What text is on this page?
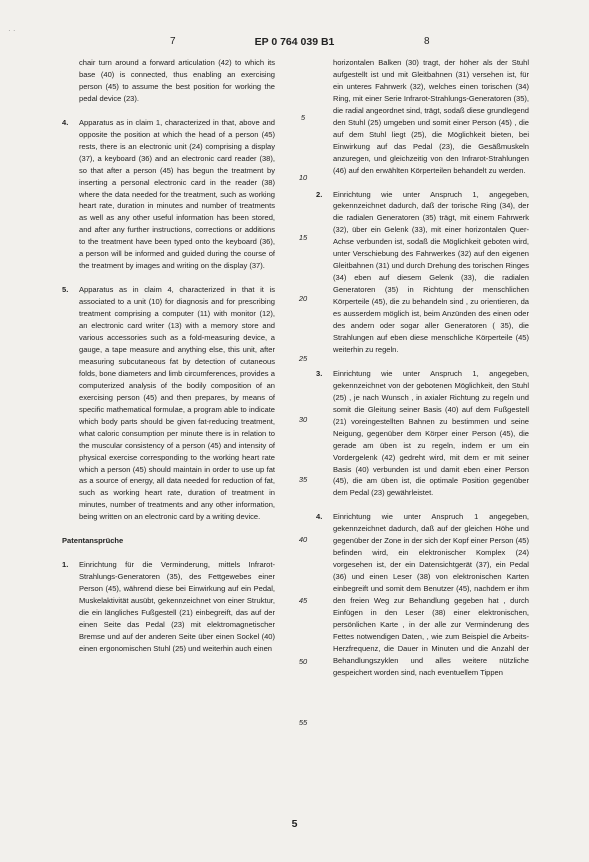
· ·
7	EP 0 764 039 B1	8

chair turn around a forward articulation (42) to which its base (40) is connected, thus enabling an exercising person (45) to assume the best position for working the pedal device (23).

4.	Apparatus as in claim 1, characterized in that, above and opposite the position at which the head of a person (45) rests, there is an electronic unit (24) comprising a display (37), a keyboard (36) and an electronic card reader (38), so that after a person (45) has begun the treatment by inserting a personal electronic card in the reader (38) where the data needed for the treatment, such as working heart rate, duration in minutes and number of treatments as well as any other useful information has been stored, and after any further instructions, corrections or additions to the treatment have been typed onto the keyboard (36), a person will be informed and guided during the course of the treatment by images and writing on the display (37).

5.	Apparatus as in claim 4, characterized in that it is associated to a unit (10) for diagnosis and for prescribing treatment comprising a computer (11) with monitor (12), an electronic card writer (13) with a memory store and various accessories such as a fold-measuring device, a gauge, a tape measure and anything else, this unit, after measuring subcutaneous fat by detection of cutaneous folds, bone diameters and limb circumferences, provides a computerized analysis of the bodily composition of an exercising person (45) and then prepares, by means of specific mathematical formulae, a program able to indicate which body parts should be given fat-reducing treatment, what caloric consumption per minute there is in relation to the muscular consistency of a person (45) and intensity of physical exercise corresponding to the working heart rate which a person (45) should maintain in order to use up fat as a source of energy, all data needed for reduction of fat, such as working heart rate, duration of treatment in minutes, number of treatments and any other information, being written on an electronic card by a writing device.

Patentansprüche

1.	Einrichtung für die Verminderung, mittels Infrarot-Strahlungs-Generatoren (35), des Fettgewebes einer Person (45), während diese bei Einwirkung auf ein Pedal, Muskelaktivität ausübt, gekennzeichnet von einer Struktur, die ein längliches Fußgestell (21) einbegreift, das auf der einen Seite das Pedal (23) mit elektromagnetischer Bremse und auf der anderen Seite über einen Sockel (40) einen ergonomischen Stuhl (25) und weiterhin auch einen

5
10
15
20
25
30
35
40
45
50
55

horizontalen Balken (30) tragt, der höher als der Stuhl aufgestellt ist und mit Gleitbahnen (31) versehen ist, für ein unteres Fahrwerk (32), welches einen torischen (34) Ring, mit einer Serie Infrarot-Strahlungs-Generatoren (35), die radial angeordnet sind, trägt, sodaß diese grundlegend den Stuhl (25) umgeben und somit einer Person (45) , die auf dem Stuhl liegt (25), die Möglichkeit bieten, bei Einwirkung auf das Pedal (23), die Gesäßmuskeln anzuregen, und gleichzeitig von den Infrarot-Strahlungen (46) auf den erwählten Körperteilen behandelt zu werden.

2.	Einrichtung wie unter Anspruch 1, angegeben, gekennzeichnet dadurch, daß der torische Ring (34), der die radialen Generatoren (35) trägt, mit einem Fahrwerk (32), über ein Gelenk (33), mit einer horizontalen Quer-Achse verbunden ist, sodaß die Möglichkeit geboten wird, unter Verschiebung des Fahrwerkes (32) auf den eigenen Gleitbahnen (31) und durch Drehung des torischen Ringes (34) eben auf diesem Gelenk (33), die radialen Generatoren (35) in Richtung der menschlichen Körperteile (45), die zu behandeln sind , zu orientieren, da es ausserdem möglich ist, beim Anzünden des einen oder des andern oder sogar aller Generatoren ( 35), die Strahlungen auf eben diese menschliche Körperteile (45) weiterhin zu regeln.

3.	Einrichtung wie unter Anspruch 1, angegeben, gekennzeichnet von der gebotenen Möglichkeit, den Stuhl (25) , je nach Wunsch , in axialer Richtung zu regeln und somit die Gleitung seiner Basis (40) auf dem Fußgestell (21) voreingestellten Bahnen zu bestimmen und seine Neigung, gegenüber dem Körper einer Person (45), die gerade am üben ist zu regeln, indem er um ein Vordergelenk (42) gedreht wird, mit dem er mit seiner Basis (40) verbunden ist und damit eben einer Person (45), die am üben ist, die optimale Position gegenüber dem Pedal (23) gewährleistet.

4.	Einrichtung wie unter Anspruch 1 angegeben, gekennzeichnet dadurch, daß auf der gleichen Höhe und gegenüber der Zone in der sich der Kopf einer Person (45) befinden wird, ein elektronischer Komplex (24) vorgesehen ist, der ein Datensichtgerät (37), ein Pedal (36) und einen Leser (38) von elektronischen Karten einbegreift und somit dem Benutzer (45), nachdem er ihm den freien Weg zur Behandlung gegeben hat , durch Einfügen in den Leser (38) einer elektronischen, persönlichen Karte , in der alle zur Verminderung des Fettes notwendigen Daten, , wie zum Beispiel die Arbeits-Herzfrequenz, die Dauer in Minuten und die Anzahl der Behandlungszyklen und alles weitere nützliche gespeichert worden sind, nach eventuellem Tippen

5
